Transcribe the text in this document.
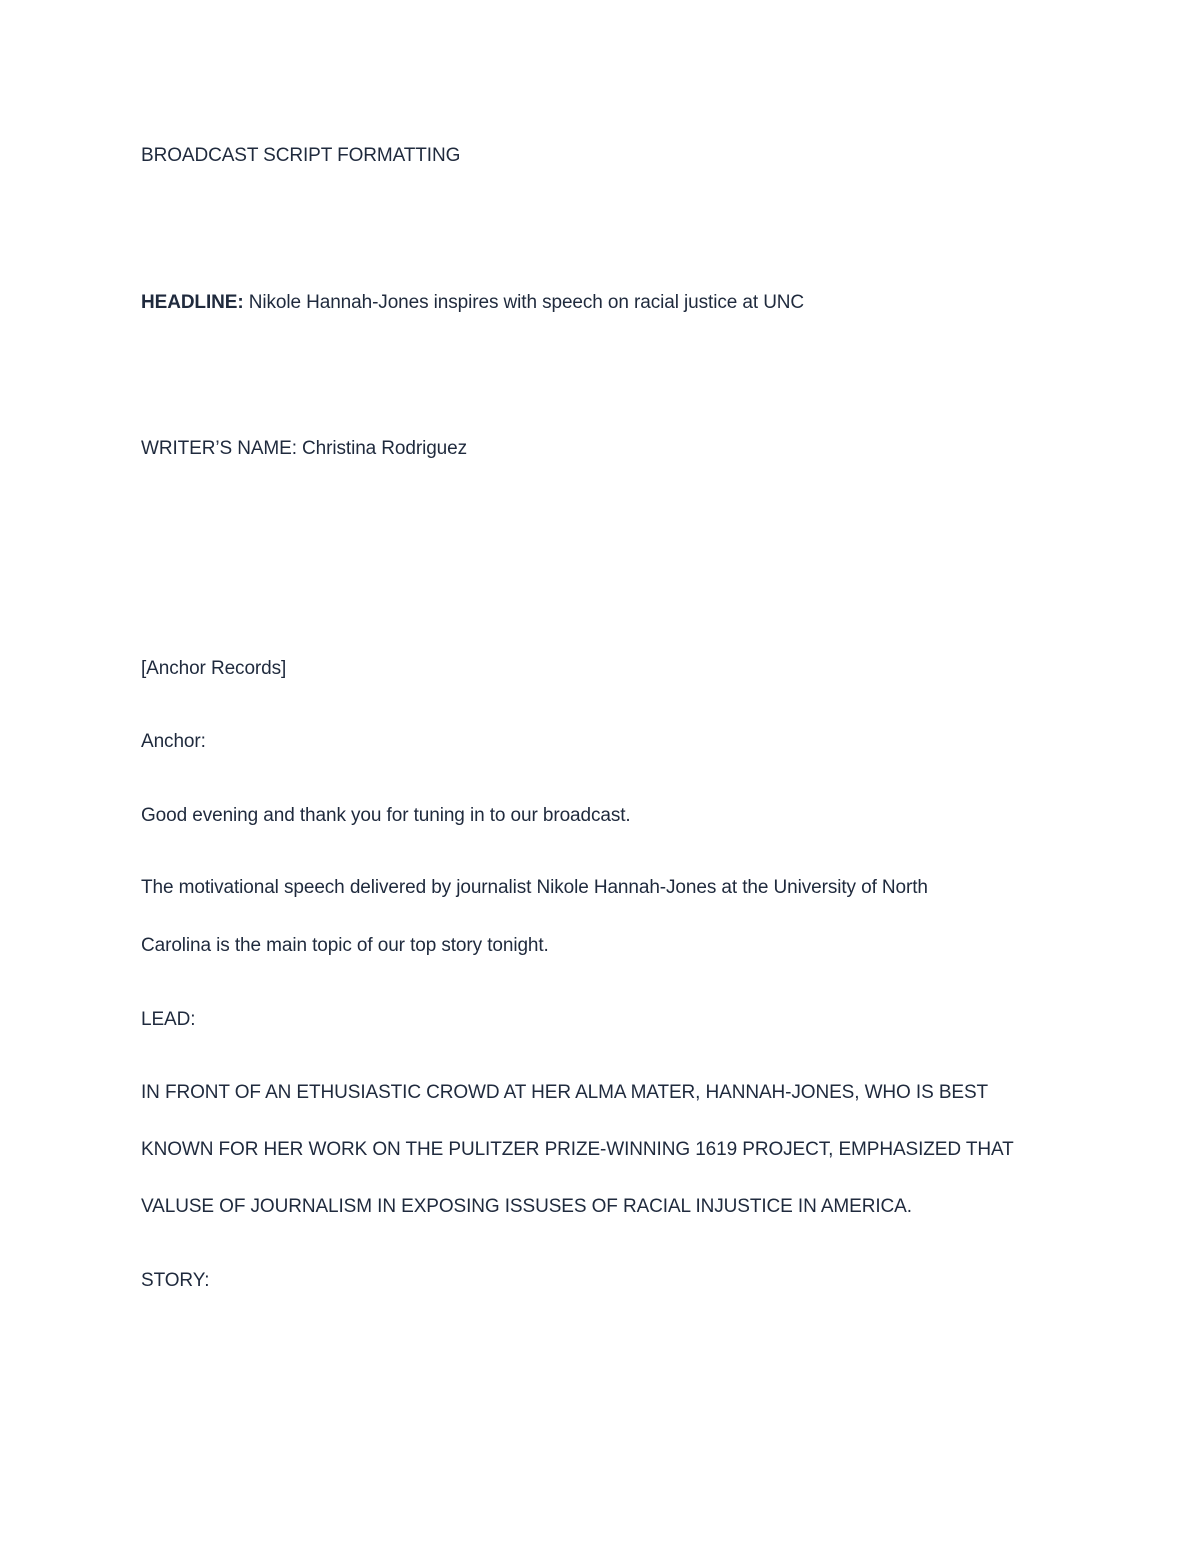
BROADCAST SCRIPT FORMATTING

HEADLINE: Nikole Hannah-Jones inspires with speech on racial justice at UNC

WRITER’S NAME: Christina Rodriguez

[Anchor Records]

Anchor:

Good evening and thank you for tuning in to our broadcast.

The motivational speech delivered by journalist Nikole Hannah-Jones at the University of North

Carolina is the main topic of our top story tonight.

LEAD:

IN FRONT OF AN ETHUSIASTIC CROWD AT HER ALMA MATER, HANNAH-JONES, WHO IS BEST

KNOWN FOR HER WORK ON THE PULITZER PRIZE-WINNING 1619 PROJECT, EMPHASIZED THAT

VALUSE OF JOURNALISM IN EXPOSING ISSUSES OF RACIAL INJUSTICE IN AMERICA.

STORY:
